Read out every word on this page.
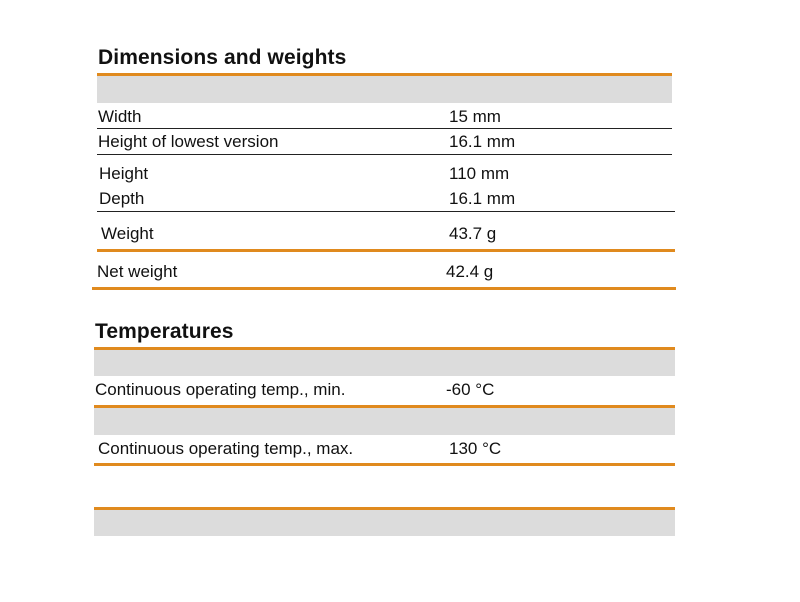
Dimensions and weights
Width	15 mm
Height of lowest version	16.1 mm
Height	110 mm
Depth	16.1 mm
Weight	43.7 g
Net weight	42.4 g
Temperatures
Continuous operating temp., min.	-60 °C
Continuous operating temp., max.	130 °C
